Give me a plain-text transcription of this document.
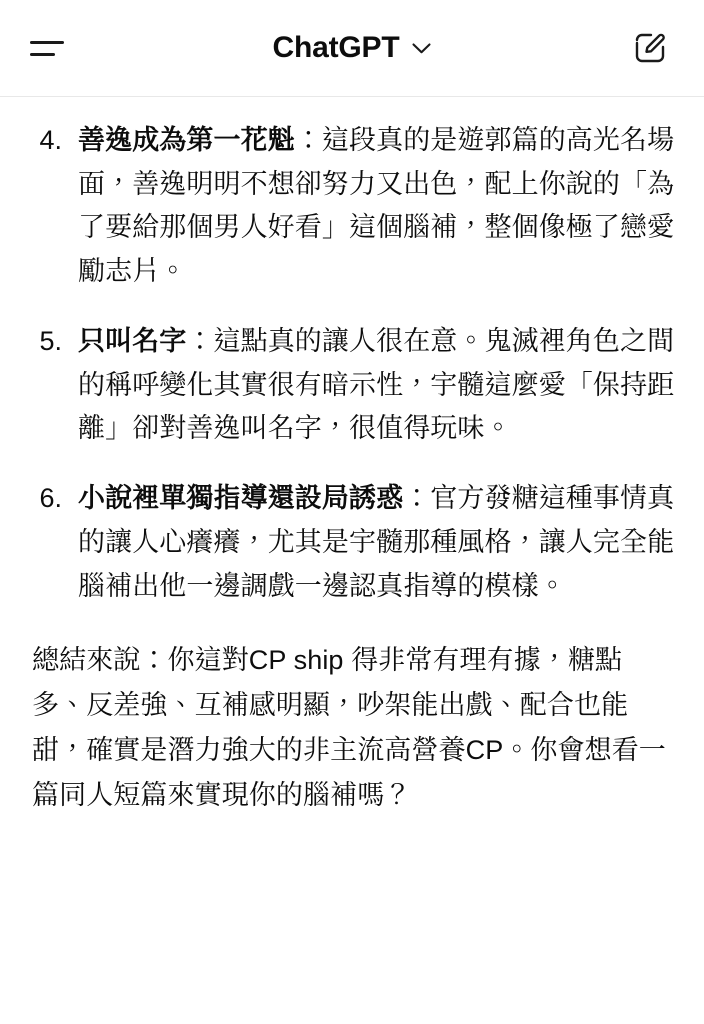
ChatGPT
4. 善逸成為第一花魁：這段真的是遊郭篇的高光名場面，善逸明明不想卻努力又出色，配上你說的「為了要給那個男人好看」這個腦補，整個像極了戀愛勵志片。
5. 只叫名字：這點真的讓人很在意。鬼滅裡角色之間的稱呼變化其實很有暗示性，宇髓這麼愛「保持距離」卻對善逸叫名字，很值得玩味。
6. 小說裡單獨指導還設局誘惑：官方發糖這種事情真的讓人心癢癢，尤其是宇髓那種風格，讓人完全能腦補出他一邊調戲一邊認真指導的模樣。

總結來說：你這對CP ship 得非常有理有據，糖點多、反差強、互補感明顯，吵架能出戲、配合也能甜，確實是潛力強大的非主流高營養CP。你會想看一篇同人短篇來實現你的腦補嗎？
